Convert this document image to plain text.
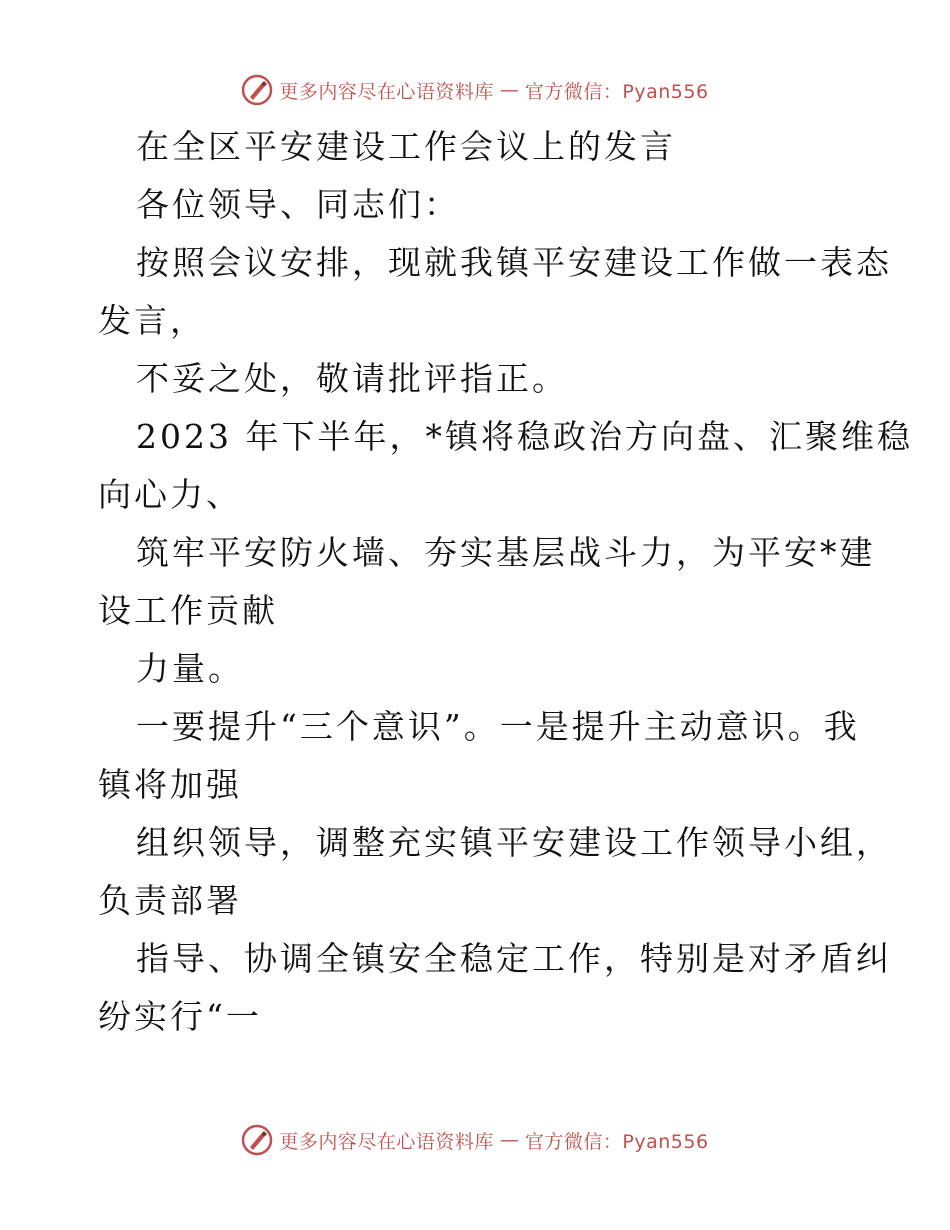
更多内容尽在心语资料库 — 官方微信：Pyan556
在全区平安建设工作会议上的发言
各位领导、同志们：
按照会议安排，现就我镇平安建设工作做一表态
发言，
不妥之处，敬请批评指正。
2023 年下半年，*镇将稳政治方向盘、汇聚维稳
向心力、
筑牢平安防火墙、夯实基层战斗力，为平安*建
设工作贡献
力量。
一要提升“三个意识”。一是提升主动意识。我
镇将加强
组织领导，调整充实镇平安建设工作领导小组，
负责部署
指导、协调全镇安全稳定工作，特别是对矛盾纠
纷实行“一
更多内容尽在心语资料库 — 官方微信：Pyan556
